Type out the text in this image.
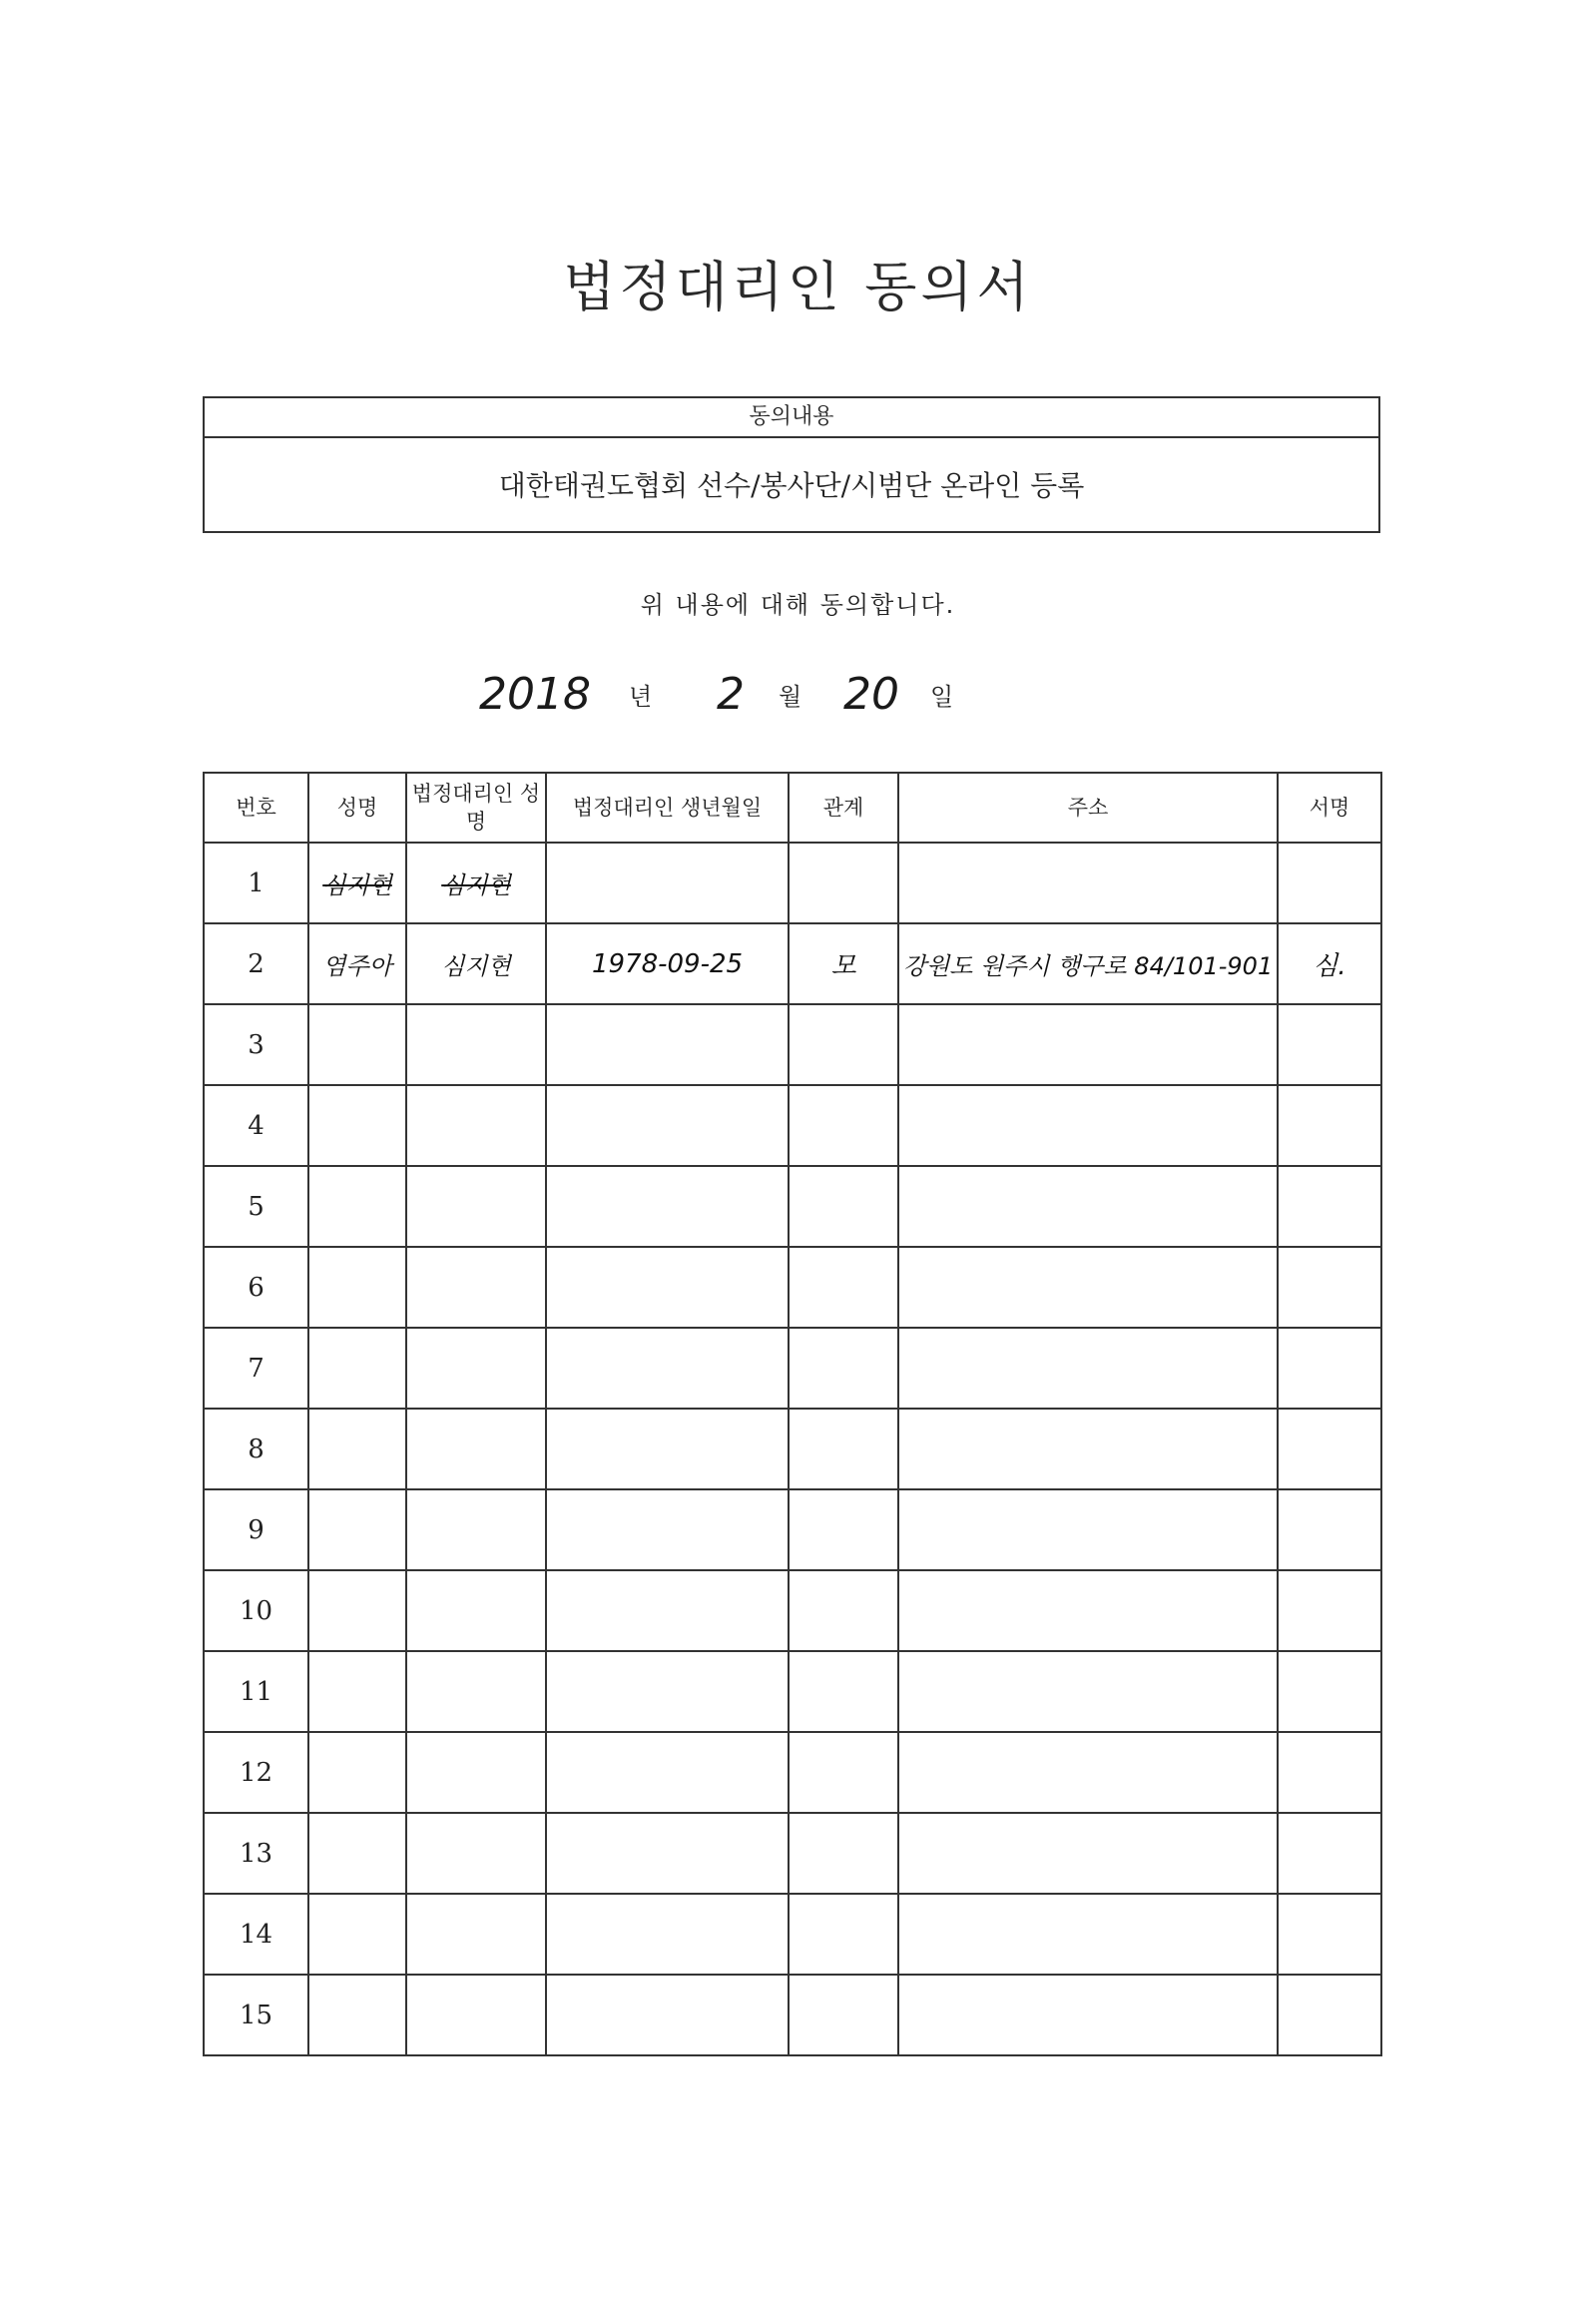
법정대리인 동의서
동의내용
대한태권도협회 선수/봉사단/시범단 온라인 등록
위 내용에 대해 동의합니다.
2018 년 2 월 20 일
번호	성명	법정대리인 성명	법정대리인 생년월일	관계	주소	서명
1	심지현	심지현				
2	염주아	심지현	1978-09-25	모	강원도 원주시 행구로 84/101-901	심.
3						
4						
5						
6						
7						
8						
9						
10						
11						
12						
13						
14						
15						
